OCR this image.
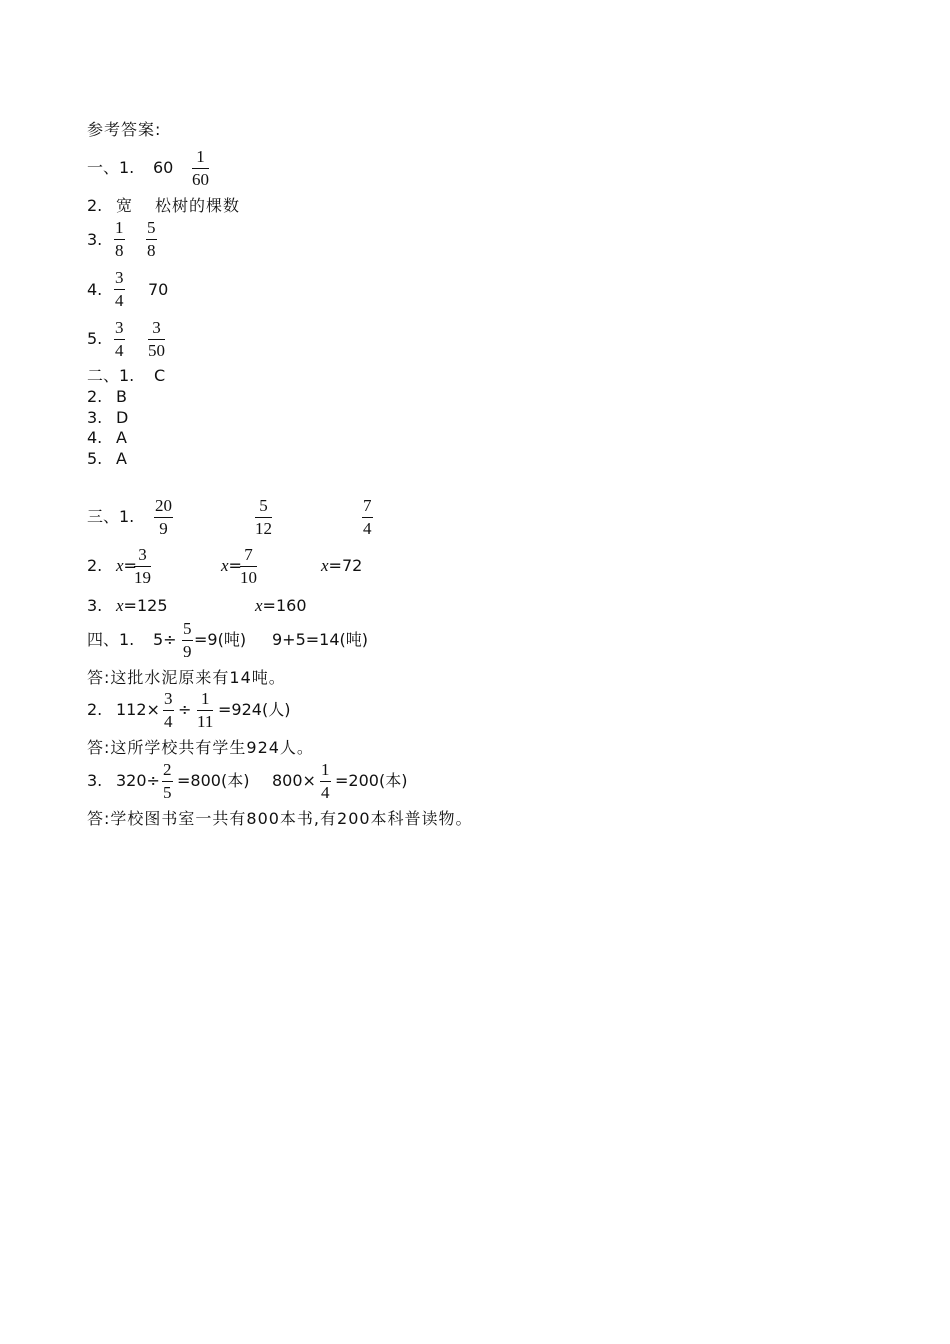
参考答案:
一、1. $60 \frac{1}{60}$
2. 宽 松树的棵数
3. $\frac{1}{8} \frac{5}{8}$
4. $\frac{3}{4} 70$
5. $\frac{3}{4} \frac{3}{50}$
二、1. C
2. B
3. D
4. A
5. A
三、1. $\frac{20}{9}$	$\frac{5}{12}$	$\frac{7}{4}$
2. x=
$\frac{3}{19}$	x=
$\frac{7}{10}$	x=72
3. x=125	x=160
四、1. $5\div \frac{5}{9} =9$(吨) 9+5=14(吨)
答:这批水泥原来有14吨。
2. $112\times \frac{3}{4} \div \frac{1}{11} =924$(人)
答:这所学校共有学生924人。
3. $320\div \frac{2}{5} =800$(本) $800\times \frac{1}{4} =200$(本)
答:学校图书室一共有800本书,有200本科普读物。
